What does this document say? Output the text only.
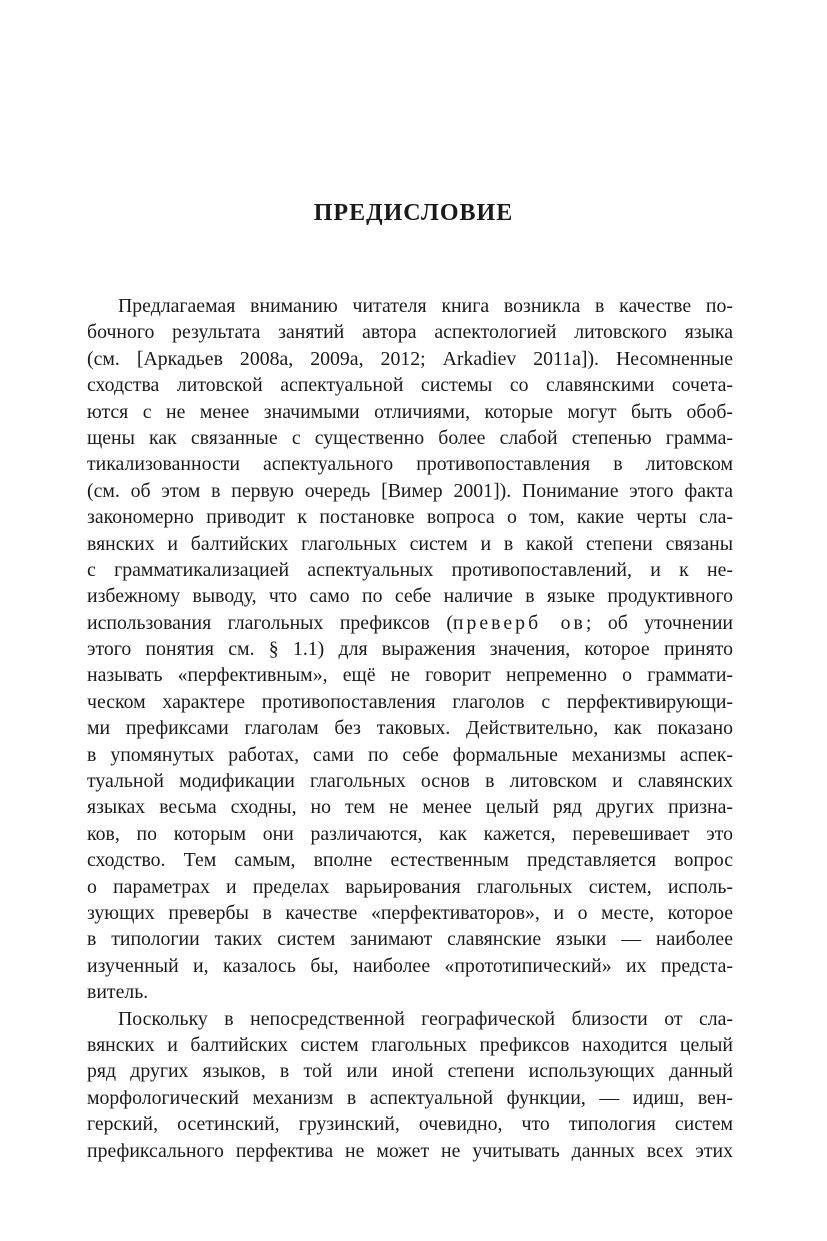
ПРЕДИСЛОВИЕ
Предлагаемая вниманию читателя книга возникла в качестве по-
бочного результата занятий автора аспектологией литовского языка
(см. [Аркадьев 2008а, 2009а, 2012; Arkadiev 2011а]). Несомненные
сходства литовской аспектуальной системы со славянскими сочета-
ются с не менее значимыми отличиями, которые могут быть обоб-
щены как связанные с существенно более слабой степенью граммa-
тикализованности аспектуального противопоставления в литовском
(см. об этом в первую очередь [Вимер 2001]). Понимание этого факта
закономерно приводит к постановке вопроса о том, какие черты сла-
вянских и балтийских глагольных систем и в какой степени связаны
с грамматикализацией аспектуальных противопоставлений, и к не-
избежному выводу, что само по себе наличие в языке продуктивного
использования глагольных префиксов (преверб ов; об уточнении
этого понятия см. § 1.1) для выражения значения, которое принято
называть «перфективным», ещё не говорит непременно о граммати-
ческом характере противопоставления глаголов с перфективирующи-
ми префиксами глаголам без таковых. Действительно, как показано
в упомянутых работах, сами по себе формальные механизмы аспек-
туальной модификации глагольных основ в литовском и славянских
языках весьма сходны, но тем не менее целый ряд других призна-
ков, по которым они различаются, как кажется, перевешивает это
сходство. Тем самым, вполне естественным представляется вопрос
о параметрах и пределах варьирования глагольных систем, исполь-
зующих превербы в качестве «перфективаторов», и о месте, которое
в типологии таких систем занимают славянские языки — наиболее
изученный и, казалось бы, наиболее «прототипический» их предста-
витель.
Поскольку в непосредственной географической близости от сла-
вянских и балтийских систем глагольных префиксов находится целый
ряд других языков, в той или иной степени использующих данный
морфологический механизм в аспектуальной функции, — идиш, вен-
герский, осетинский, грузинский, очевидно, что типология систем
префиксального перфектива не может не учитывать данных всех этих
